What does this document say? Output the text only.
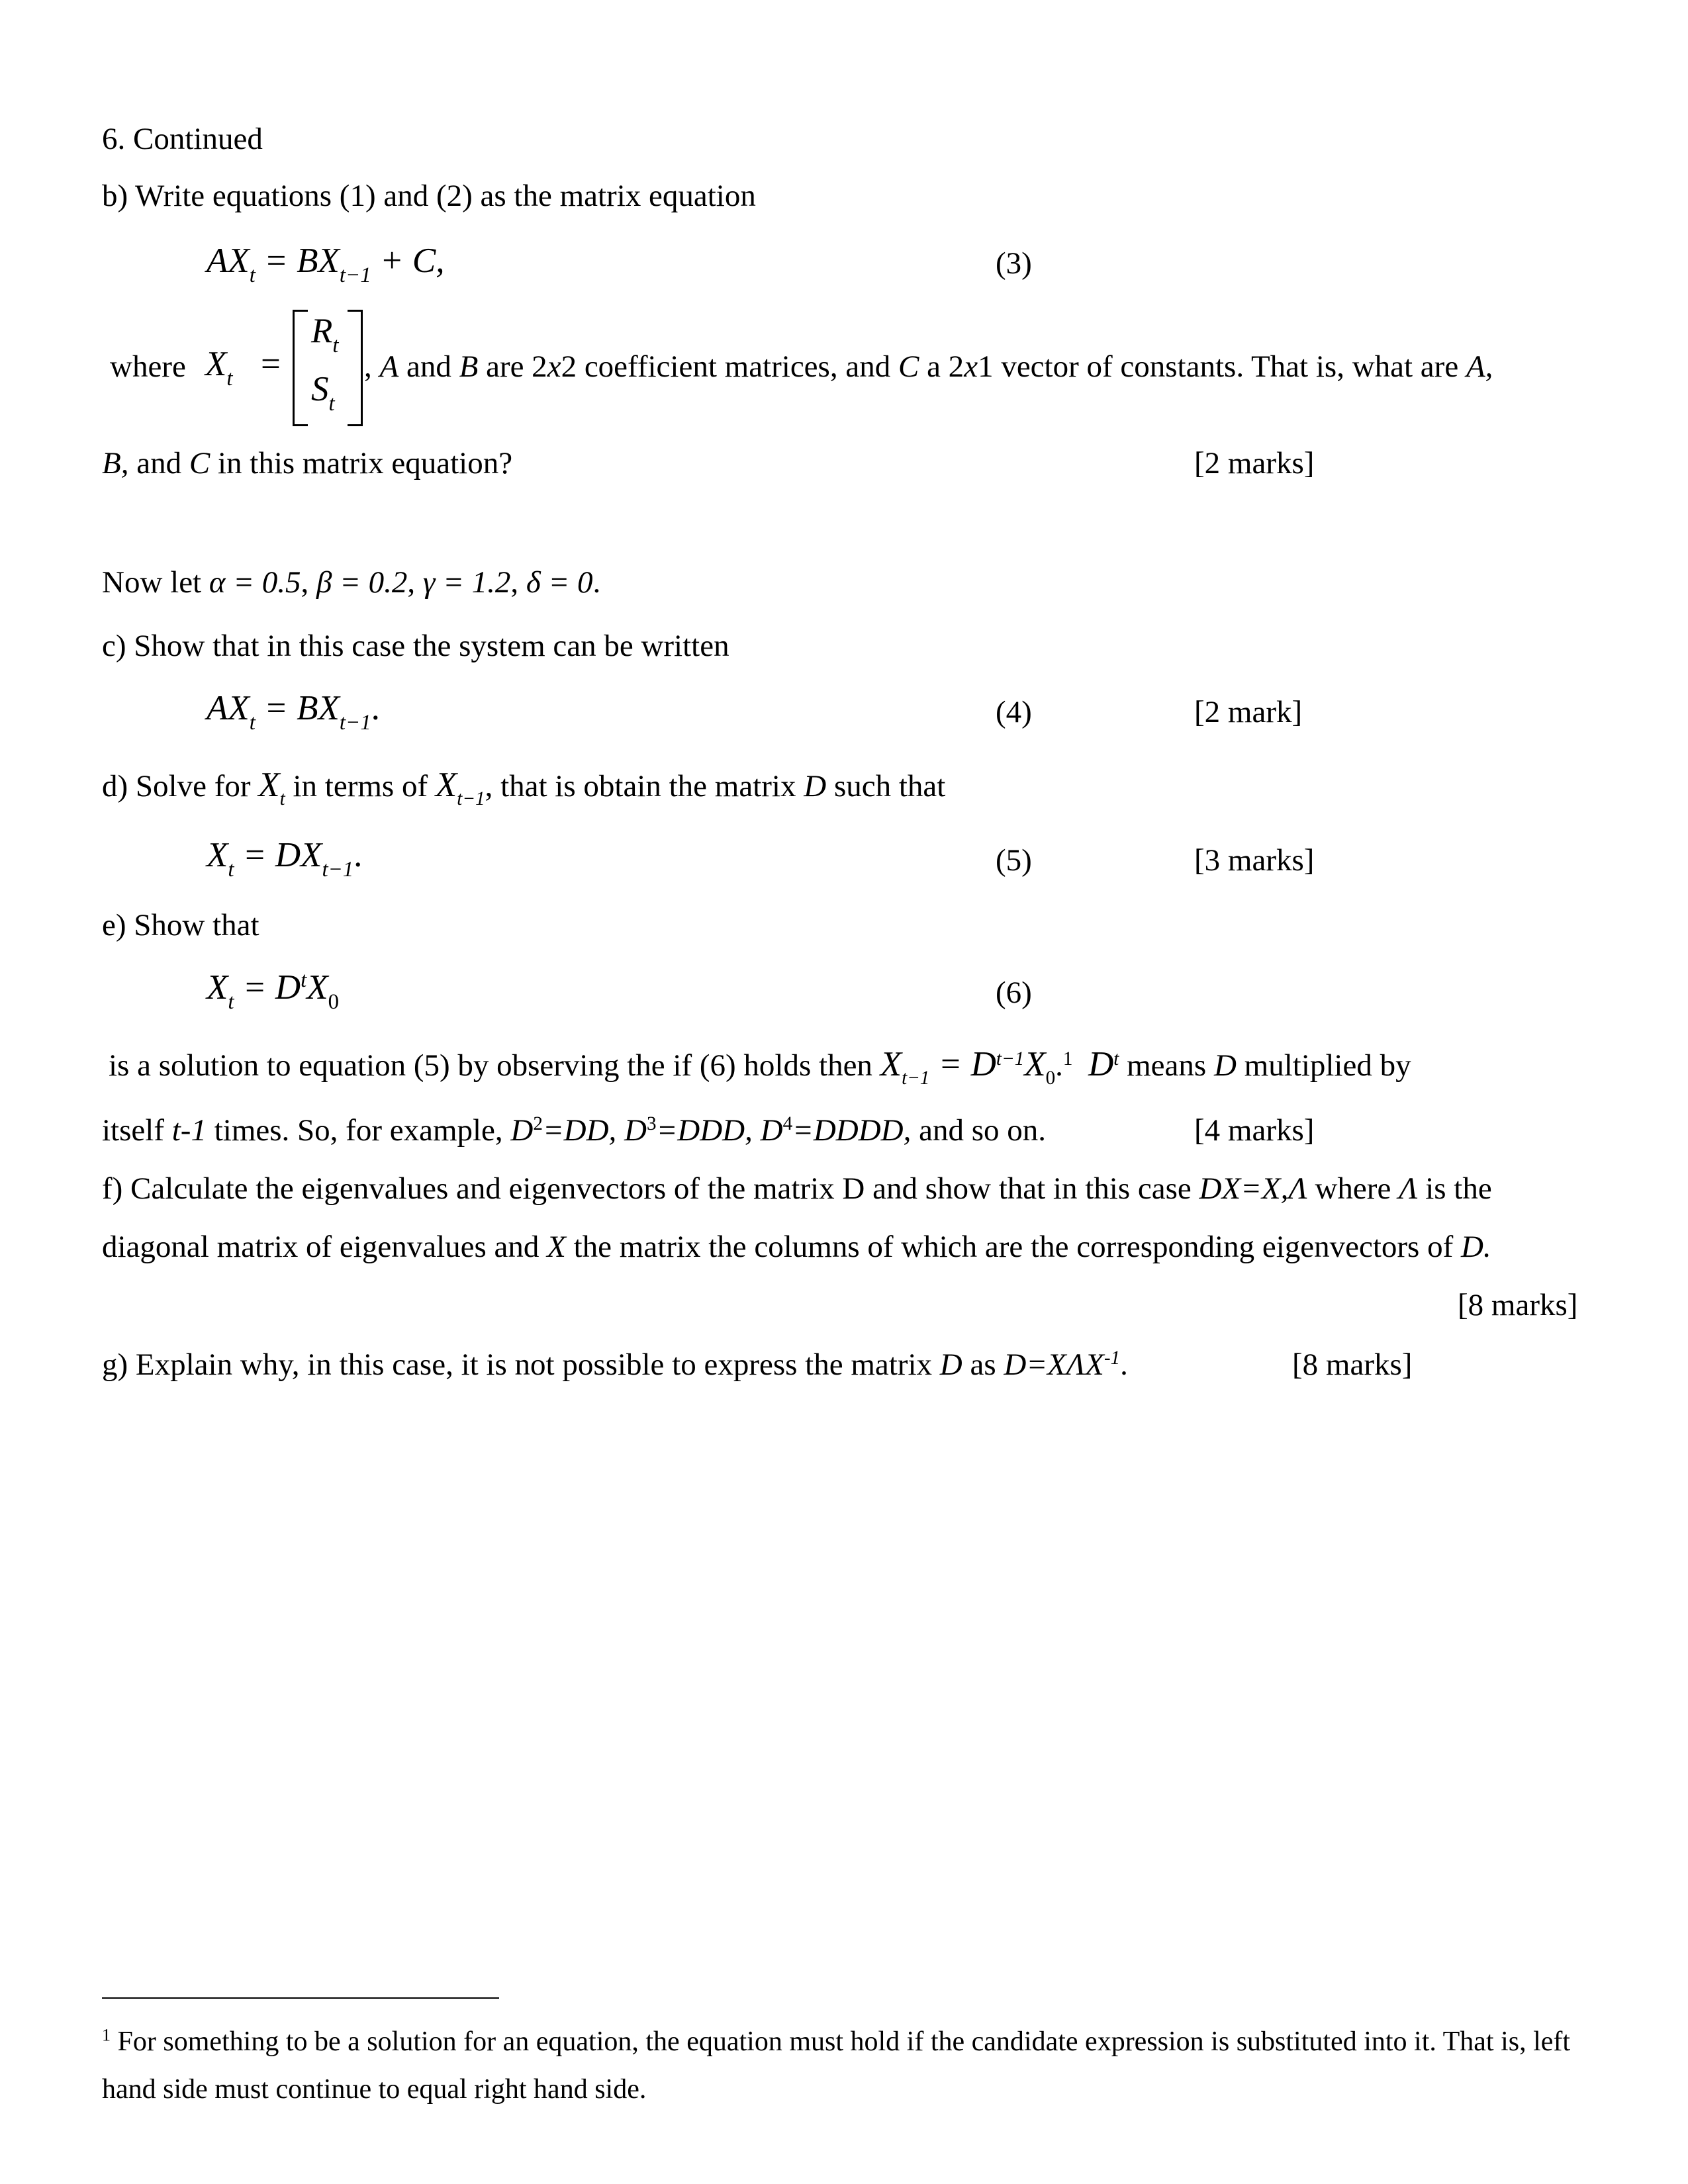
6. Continued
b) Write equations (1) and (2) as the matrix equation
$AX_t = BX_{t-1} + C$,	(3)
where $X_t$ =
$R_t$
$S_t$
, A and B are 2x2 coefficient matrices, and C a 2x1 vector of constants. That is, what are A,
B, and C in this matrix equation?	[2 marks]
Now let α = 0.5, β = 0.2, γ = 1.2, δ = 0.
c) Show that in this case the system can be written
$AX_t = BX_{t-1}$.	(4)	[2 mark]
d) Solve for $X_t$ in terms of $X_{t-1}$, that is obtain the matrix D such that
$X_t = DX_{t-1}$.	(5)	[3 marks]
e) Show that
$X_t = D^tX_0$	(6)
is a solution to equation (5) by observing the if (6) holds then $X_{t-1} = D^{t-1}X_0.^1$ $D^t$ means D multiplied by
itself t-1 times. So, for example, $D^2=DD$, $D^3=DDD$, $D^4=DDDD$, and so on.	[4 marks]
f) Calculate the eigenvalues and eigenvectors of the matrix D and show that in this case DX=X,Λ where Λ is the
diagonal matrix of eigenvalues and X the matrix the columns of which are the corresponding eigenvectors of D.
[8 marks]
g) Explain why, in this case, it is not possible to express the matrix D as $D=X\Lambda X^{-1}$.	[8 marks]
$^1$ For something to be a solution for an equation, the equation must hold if the candidate expression is substituted into it. That is, left
hand side must continue to equal right hand side.
